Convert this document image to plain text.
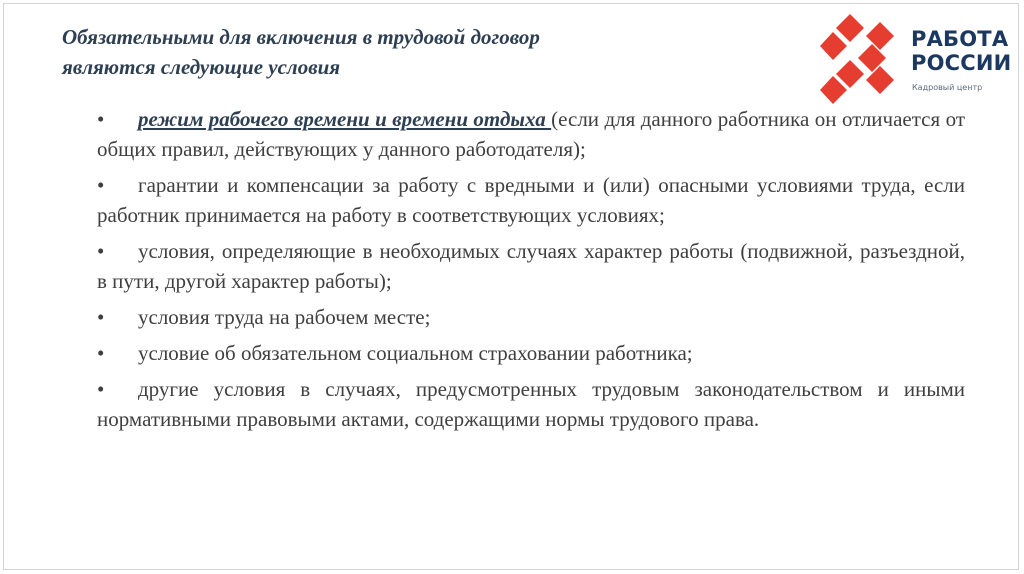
Обязательными для включения в трудовой договор
являются следующие условия
РАБОТА
РОССИИ
Кадровый центр
• режим рабочего времени и времени отдыха (если для данного работника он отличается от общих правил, действующих у данного работодателя);
• гарантии и компенсации за работу с вредными и (или) опасными условиями труда, если работник принимается на работу в соответствующих условиях;
• условия, определяющие в необходимых случаях характер работы (подвижной, разъездной, в пути, другой характер работы);
• условия труда на рабочем месте;
• условие об обязательном социальном страховании работника;
• другие условия в случаях, предусмотренных трудовым законодательством и иными нормативными правовыми актами, содержащими нормы трудового права.
